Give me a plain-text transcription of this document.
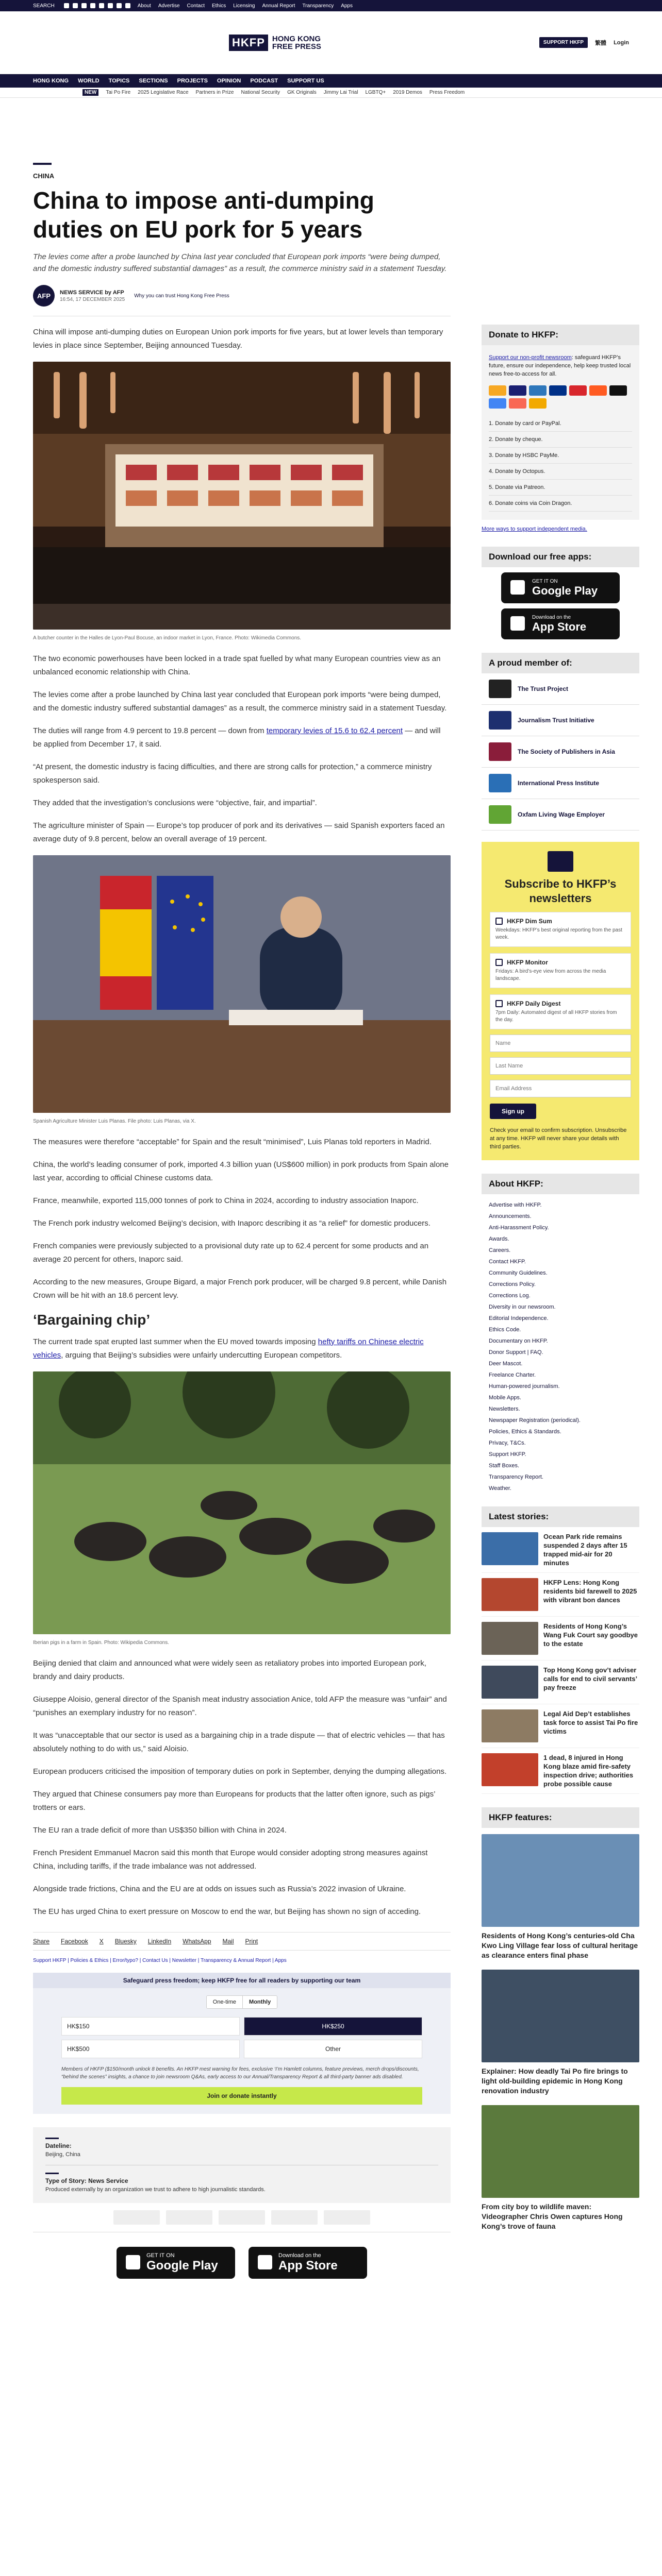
SEARCH	About Advertise Contact Ethics Licensing Annual Report Transparency Apps
HKFP HONG KONG
FREE PRESS	SUPPORT HKFP	繁體 Login
HONG KONG WORLD TOPICS SECTIONS PROJECTS OPINION PODCAST SUPPORT US
NEW	Tai Po Fire 2025 Legislative Race Partners in Prize National Security GK Originals Jimmy Lai Trial LGBTQ+ 2019 Demos Press Freedom
CHINA
China to impose anti-dumping duties on EU pork for 5 years
The levies come after a probe launched by China last year concluded that European pork imports “were being dumped, and the domestic industry suffered substantial damages” as a result, the commerce ministry said in a statement Tuesday.
AFP	NEWS SERVICE by AFP
16:54, 17 DECEMBER 2025
Why you can trust Hong Kong Free Press

China will impose anti-dumping duties on European Union pork imports for five years, but at lower levels than temporary levies in place since September, Beijing announced Tuesday.

A butcher counter in the Halles de Lyon-Paul Bocuse, an indoor market in Lyon, France. Photo: Wikimedia Commons.

The two economic powerhouses have been locked in a trade spat fuelled by what many European countries view as an unbalanced economic relationship with China.

The levies come after a probe launched by China last year concluded that European pork imports “were being dumped, and the domestic industry suffered substantial damages” as a result, the commerce ministry said in a statement Tuesday.

The duties will range from 4.9 percent to 19.8 percent — down from temporary levies of 15.6 to 62.4 percent — and will be applied from December 17, it said.

“At present, the domestic industry is facing difficulties, and there are strong calls for protection,” a commerce ministry spokesperson said.

They added that the investigation’s conclusions were “objective, fair, and impartial”.

The agriculture minister of Spain — Europe’s top producer of pork and its derivatives — said Spanish exporters faced an average duty of 9.8 percent, below an overall average of 19 percent.

Spanish Agriculture Minister Luis Planas. File photo: Luis Planas, via X.

The measures were therefore “acceptable” for Spain and the result “minimised”, Luis Planas told reporters in Madrid.

China, the world’s leading consumer of pork, imported 4.3 billion yuan (US$600 million) in pork products from Spain alone last year, according to official Chinese customs data.

France, meanwhile, exported 115,000 tonnes of pork to China in 2024, according to industry association Inaporc.

The French pork industry welcomed Beijing’s decision, with Inaporc describing it as “a relief” for domestic producers.

French companies were previously subjected to a provisional duty rate up to 62.4 percent for some products and an average 20 percent for others, Inaporc said.

According to the new measures, Groupe Bigard, a major French pork producer, will be charged 9.8 percent, while Danish Crown will be hit with an 18.6 percent levy.

‘Bargaining chip’

The current trade spat erupted last summer when the EU moved towards imposing hefty tariffs on Chinese electric vehicles, arguing that Beijing’s subsidies were unfairly undercutting European competitors.

Iberian pigs in a farm in Spain. Photo: Wikipedia Commons.

Beijing denied that claim and announced what were widely seen as retaliatory probes into imported European pork, brandy and dairy products.

Giuseppe Aloisio, general director of the Spanish meat industry association Anice, told AFP the measure was “unfair” and “punishes an exemplary industry for no reason”.

It was “unacceptable that our sector is used as a bargaining chip in a trade dispute — that of electric vehicles — that has absolutely nothing to do with us,” said Aloisio.

European producers criticised the imposition of temporary duties on pork in September, denying the dumping allegations.

They argued that Chinese consumers pay more than Europeans for products that the latter often ignore, such as pigs’ trotters or ears.

The EU ran a trade deficit of more than US$350 billion with China in 2024.

French President Emmanuel Macron said this month that Europe would consider adopting strong measures against China, including tariffs, if the trade imbalance was not addressed.

Alongside trade frictions, China and the EU are at odds on issues such as Russia’s 2022 invasion of Ukraine.

The EU has urged China to exert pressure on Moscow to end the war, but Beijing has shown no sign of acceding.

Share Facebook X Bluesky LinkedIn WhatsApp Mail Print
Support HKFP | Policies & Ethics | Error/typo? | Contact Us | Newsletter | Transparency & Annual Report | Apps
Safeguard press freedom; keep HKFP free for all readers by supporting our team
One-time	Monthly
HK$150	HK$250
HK$500	Other
Members of HKFP ($150/month unlock 8 benefits. An HKFP mest warning for fees, exclusive ‘I’m Hamlett columns, feature previews, merch drops/discounts, “behind the scenes” insights, a chance to join newsroom Q&As, early access to our Annual/Transparency Report & all third-party banner ads disabled.
Join or donate instantly
Dateline:
Beijing, China
Type of Story: News Service
Produced externally by an organization we trust to adhere to high journalistic standards.
GET IT ON
Google Play
Download on the
App Store
Donate to HKFP:

Support our non-profit newsroom: safeguard HKFP’s future, ensure our independence, help keep trusted local news free-to-access for all.

1. Donate by card or PayPal.
2. Donate by cheque.
3. Donate by HSBC PayMe.
4. Donate by Octopus.
5. Donate via Patreon.
6. Donate coins via Coin Dragon.
More ways to support independent media.
Download our free apps:
GET IT ON
Google Play
Download on the
App Store
A proud member of:
The Trust Project
Journalism Trust Initiative
The Society of Publishers in Asia
International Press Institute
Oxfam Living Wage Employer
Subscribe to HKFP’s newsletters
HKFP Dim Sum
Weekdays: HKFP’s best original reporting from the past week.
HKFP Monitor
Fridays: A bird’s-eye view from across the media landscape.
HKFP Daily Digest
7pm Daily: Automated digest of all HKFP stories from the day.
Name
Last Name
Email Address
Sign up
Check your email to confirm subscription. Unsubscribe at any time. HKFP will never share your details with third parties.
About HKFP:
Advertise with HKFP.
Announcements.
Anti-Harassment Policy.
Awards.
Careers.
Contact HKFP.
Community Guidelines.
Corrections Policy.
Corrections Log.
Diversity in our newsroom.
Editorial Independence.
Ethics Code.
Documentary on HKFP.
Donor Support | FAQ.
Deer Mascot.
Freelance Charter.
Human-powered journalism.
Mobile Apps.
Newsletters.
Newspaper Registration (periodical).
Policies, Ethics & Standards.
Privacy, T&Cs.
Support HKFP.
Staff Boxes.
Transparency Report.
Weather.
Latest stories:
Ocean Park ride remains suspended 2 days after 15 trapped mid-air for 20 minutes
HKFP Lens: Hong Kong residents bid farewell to 2025 with vibrant bon dances
Residents of Hong Kong’s Wang Fuk Court say goodbye to the estate
Top Hong Kong gov’t adviser calls for end to civil servants’ pay freeze
Legal Aid Dep’t establishes task force to assist Tai Po fire victims
1 dead, 8 injured in Hong Kong blaze amid fire-safety inspection drive; authorities probe possible cause
HKFP features:
Residents of Hong Kong’s centuries-old Cha Kwo Ling Village fear loss of cultural heritage as clearance enters final phase
Explainer: How deadly Tai Po fire brings to light old-building epidemic in Hong Kong renovation industry
From city boy to wildlife maven: Videographer Chris Owen captures Hong Kong’s trove of fauna
